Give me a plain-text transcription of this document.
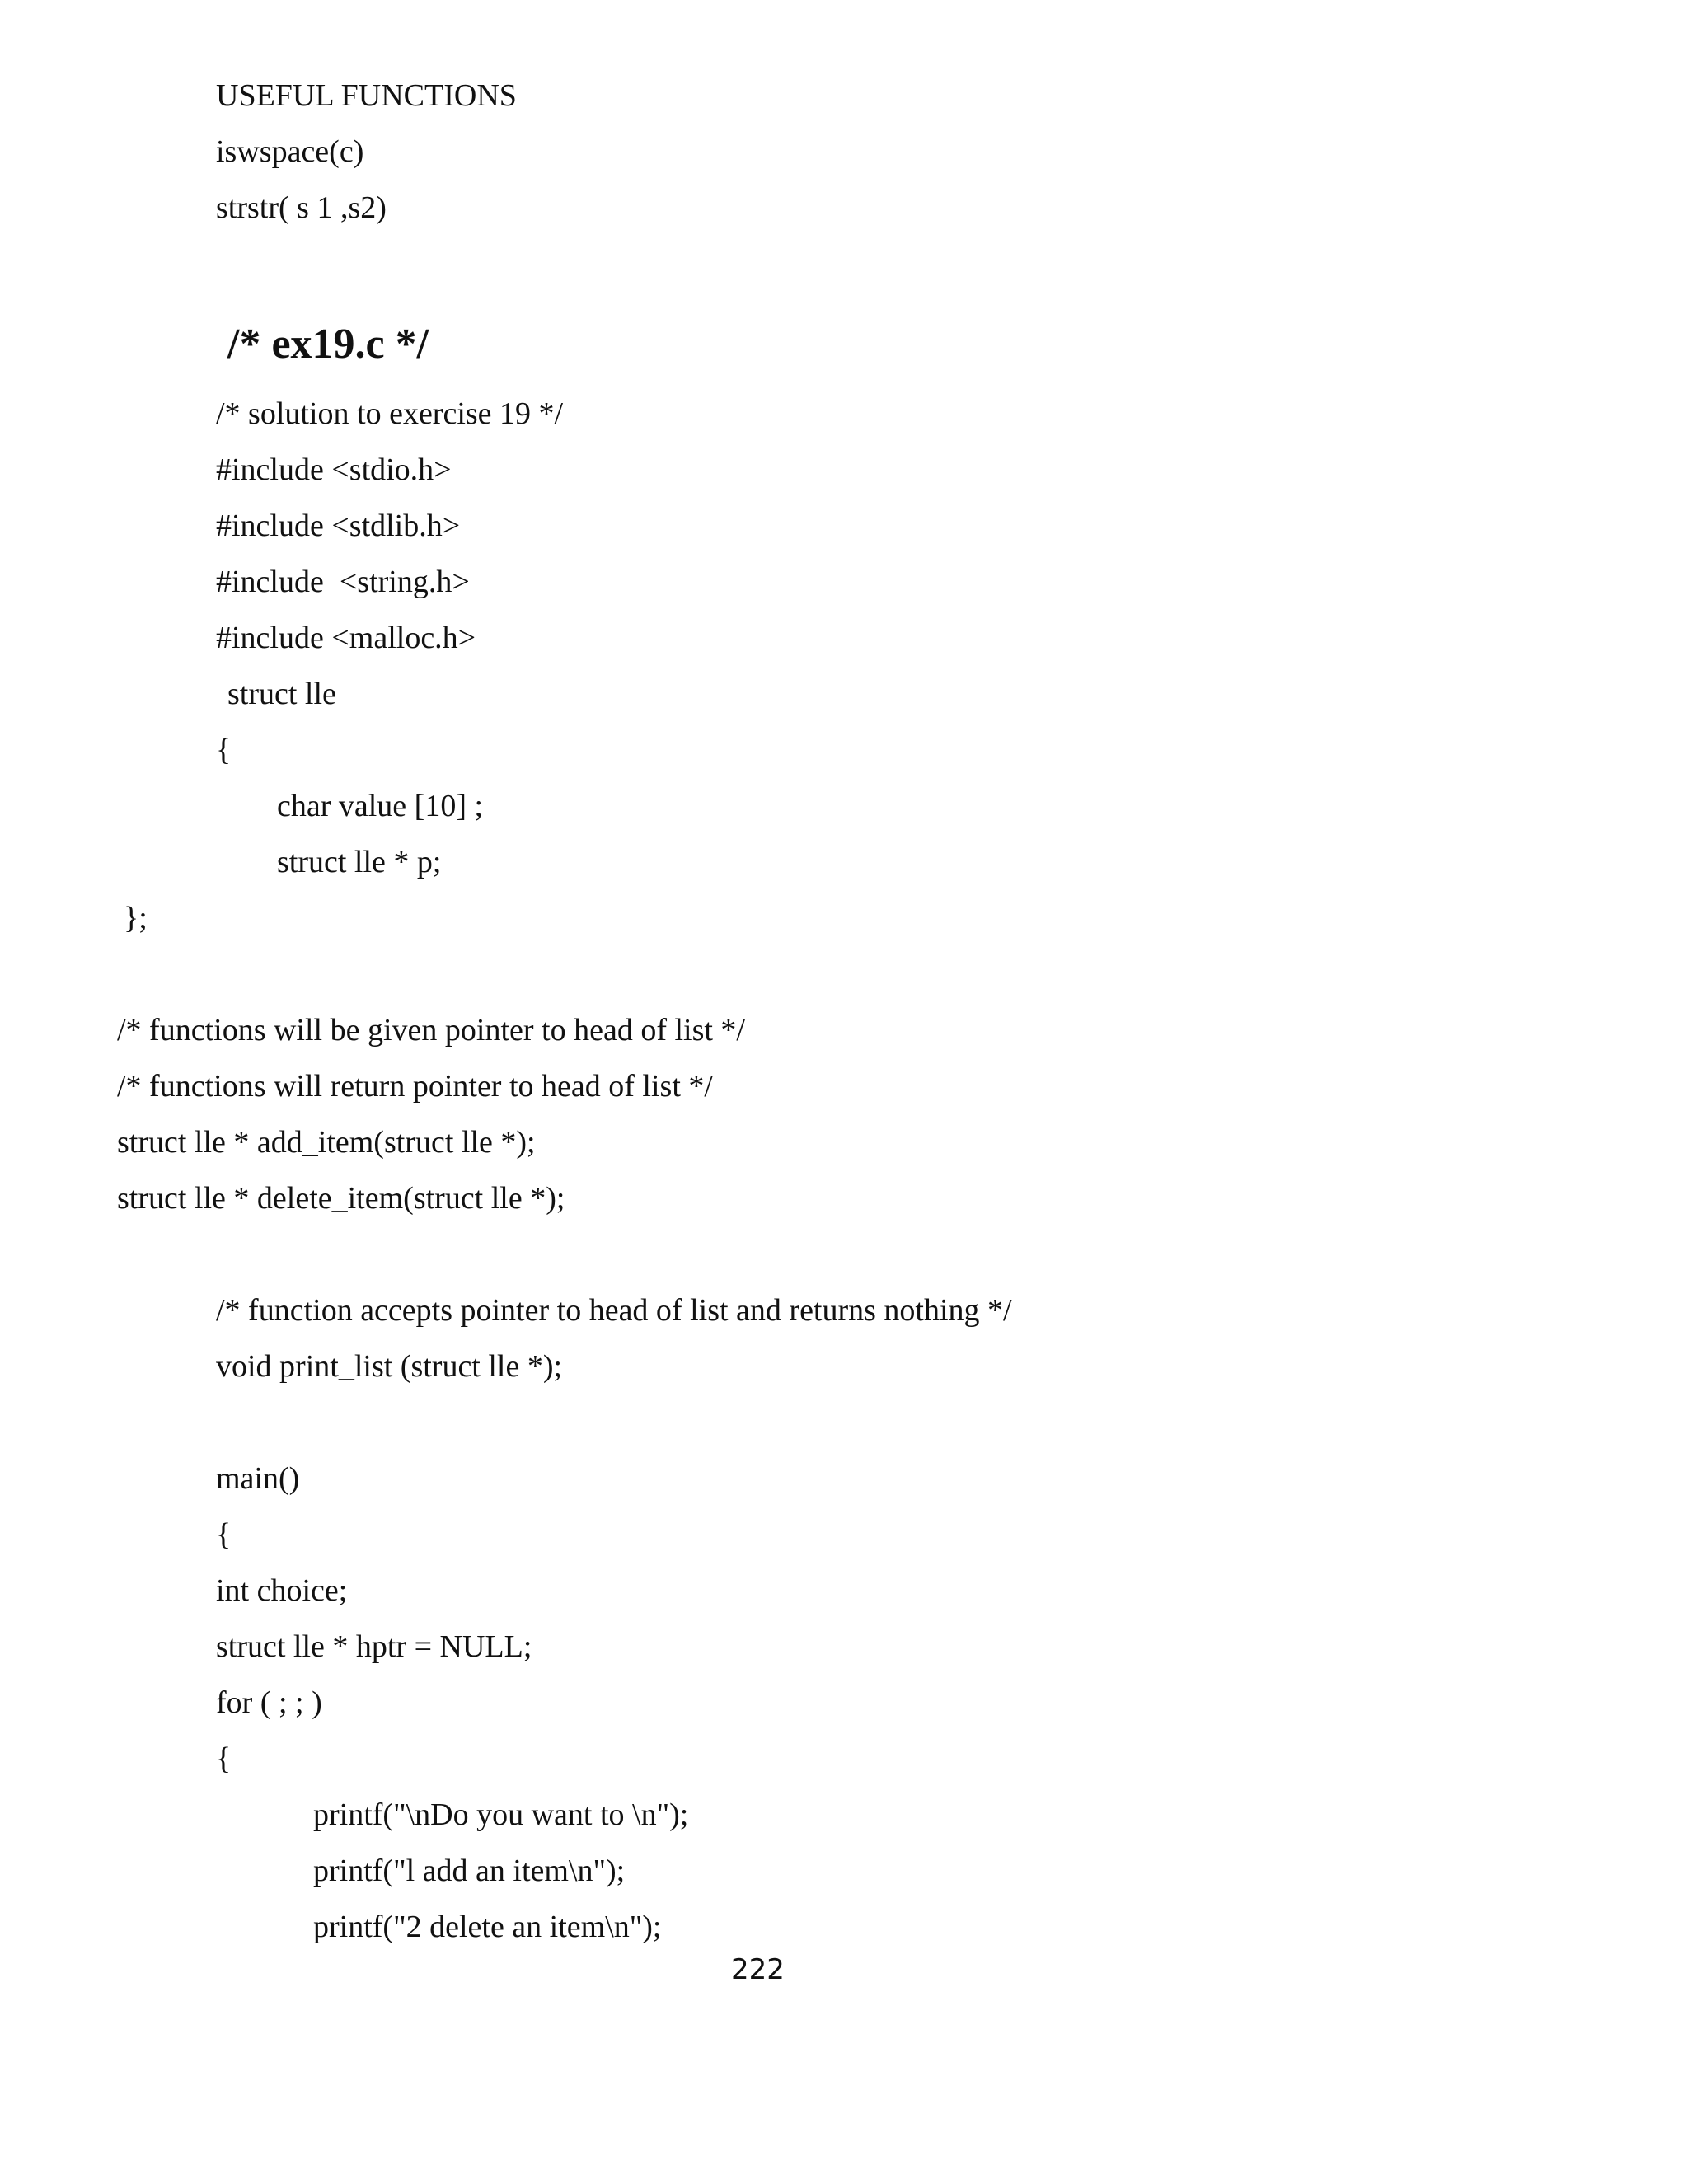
USEFUL FUNCTIONS
iswspace(c)
strstr( s 1 ,s2)
/* ex19.c */
/* solution to exercise 19 */
#include <stdio.h>
#include <stdlib.h>
#include  <string.h>
#include <malloc.h>
struct lle
{
char value [10] ;
struct lle * p;
};
/* functions will be given pointer to head of list */
/* functions will return pointer to head of list */
struct lle * add_item(struct lle *);
struct lle * delete_item(struct lle *);
/* function accepts pointer to head of list and returns nothing */
void print_list (struct lle *);
main()
{
int choice;
struct lle * hptr = NULL;
for ( ; ; )
{
printf("\nDo you want to \n");
printf("l add an item\n");
printf("2 delete an item\n");
222
